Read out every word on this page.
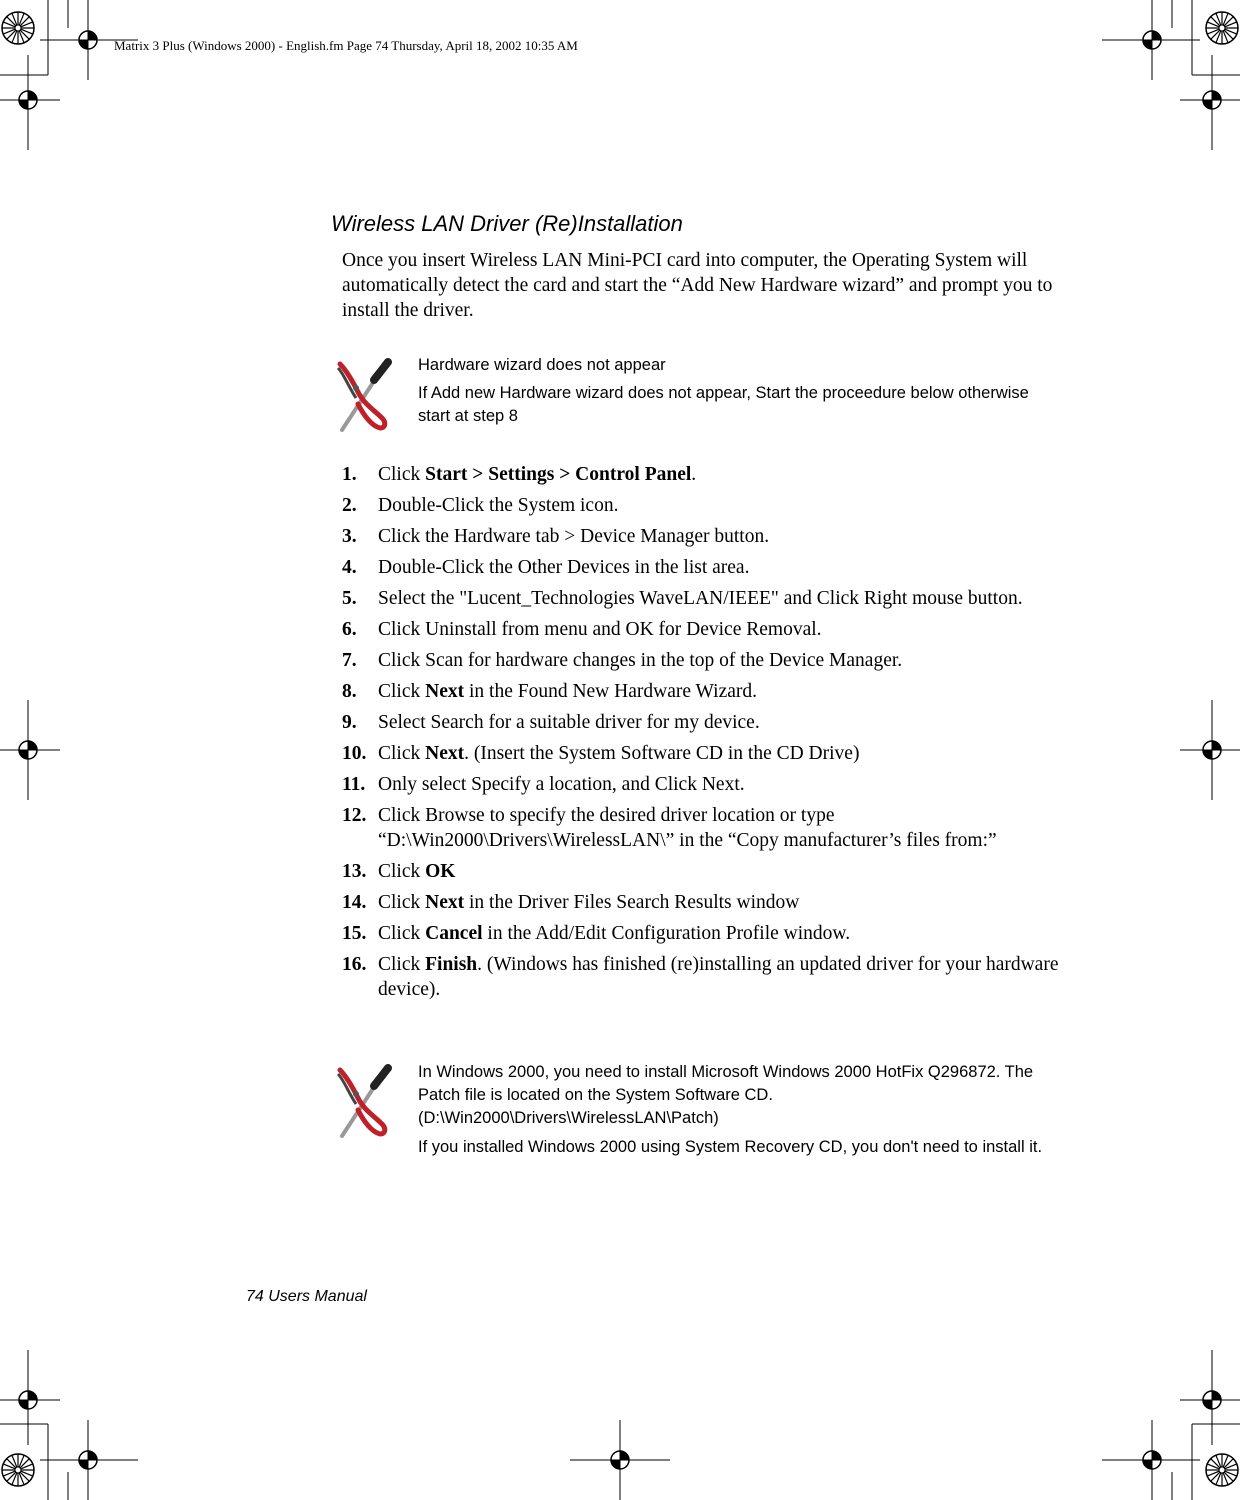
Matrix 3 Plus (Windows 2000) - English.fm Page 74 Thursday, April 18, 2002 10:35 AM
Wireless LAN Driver (Re)Installation
Once you insert Wireless LAN Mini-PCI card into computer, the Operating System will automatically detect the card and start the “Add New Hardware wizard” and prompt you to install the driver.
Hardware wizard does not appear
If Add new Hardware wizard does not appear, Start the proceedure below otherwise start at step 8
1. Click Start > Settings > Control Panel.
2. Double-Click the System icon.
3. Click the Hardware tab > Device Manager button.
4. Double-Click the Other Devices in the list area.
5. Select the "Lucent_Technologies WaveLAN/IEEE" and Click Right mouse button.
6. Click Uninstall from menu and OK for Device Removal.
7. Click Scan for hardware changes in the top of the Device Manager.
8. Click Next in the Found New Hardware Wizard.
9. Select Search for a suitable driver for my device.
10. Click Next. (Insert the System Software CD in the CD Drive)
11. Only select Specify a location, and Click Next.
12. Click Browse to specify the desired driver location or type “D:\Win2000\Drivers\WirelessLAN\” in the “Copy manufacturer’s files from:”
13. Click OK
14. Click Next in the Driver Files Search Results window
15. Click Cancel in the Add/Edit Configuration Profile window.
16. Click Finish. (Windows has finished (re)installing an updated driver for your hardware device).
In Windows 2000, you need to install Microsoft Windows 2000 HotFix Q296872. The Patch file is located on the System Software CD. (D:\Win2000\Drivers\WirelessLAN\Patch)
If you installed Windows 2000 using System Recovery CD, you don't need to install it.
74 Users Manual
